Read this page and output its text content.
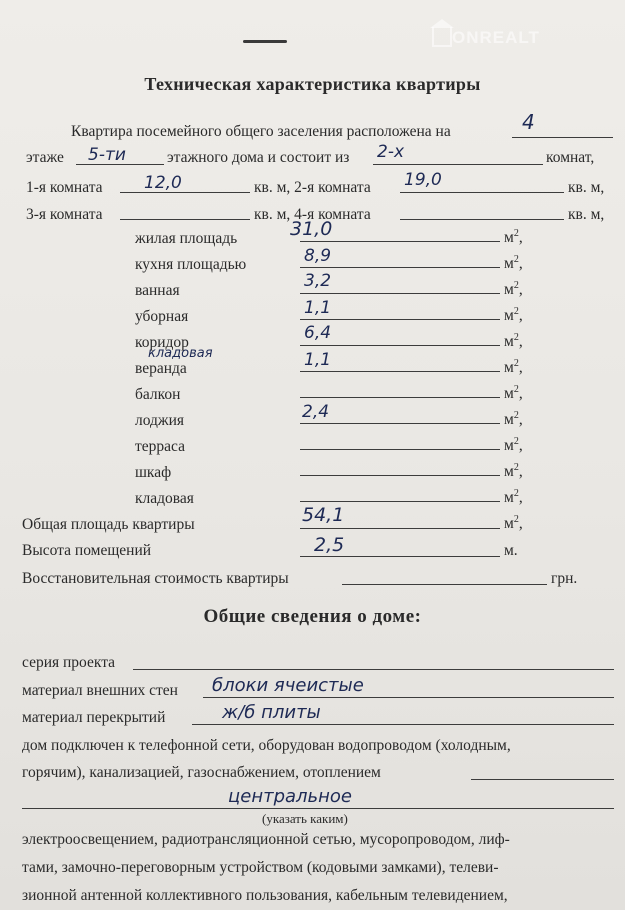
ONREALT
Техническая характеристика квартиры
Квартира посемейного общего заселения расположена на	4
этаже 5-ти	этажного дома и состоит из 2-х	комнат,
1-я комната 12,0	кв. м, 2-я комната 19,0	кв. м,
3-я комната	кв. м, 4-я комната	кв. м,
жилая площадь	31,0	$м^2$,
кухня площадью	8,9	$м^2$,
ванная	3,2	$м^2$,
уборная	1,1	$м^2$,
коридор	6,4	$м^2$,
кладовая
веранда	1,1	$м^2$,
балкон	$м^2$,
лоджия	2,4	$м^2$,
терраса	$м^2$,
шкаф	$м^2$,
кладовая	$м^2$,
Общая площадь квартиры	54,1	$м^2$,
Высота помещений	2,5	м.
Восстановительная стоимость квартиры	грн.
Общие сведения о доме:
серия проекта
материал внешних стен блоки ячеистые
материал перекрытий	ж/б плиты
дом подключен к телефонной сети, оборудован водопроводом (холодным,
горячим), канализацией, газоснабжением, отоплением
центральное
(указать каким)
электроосвещением, радиотрансляционной сетью, мусоропроводом, лиф-
тами, замочно-переговорным устройством (кодовыми замками), телеви-
зионной антенной коллективного пользования, кабельным телевидением,
